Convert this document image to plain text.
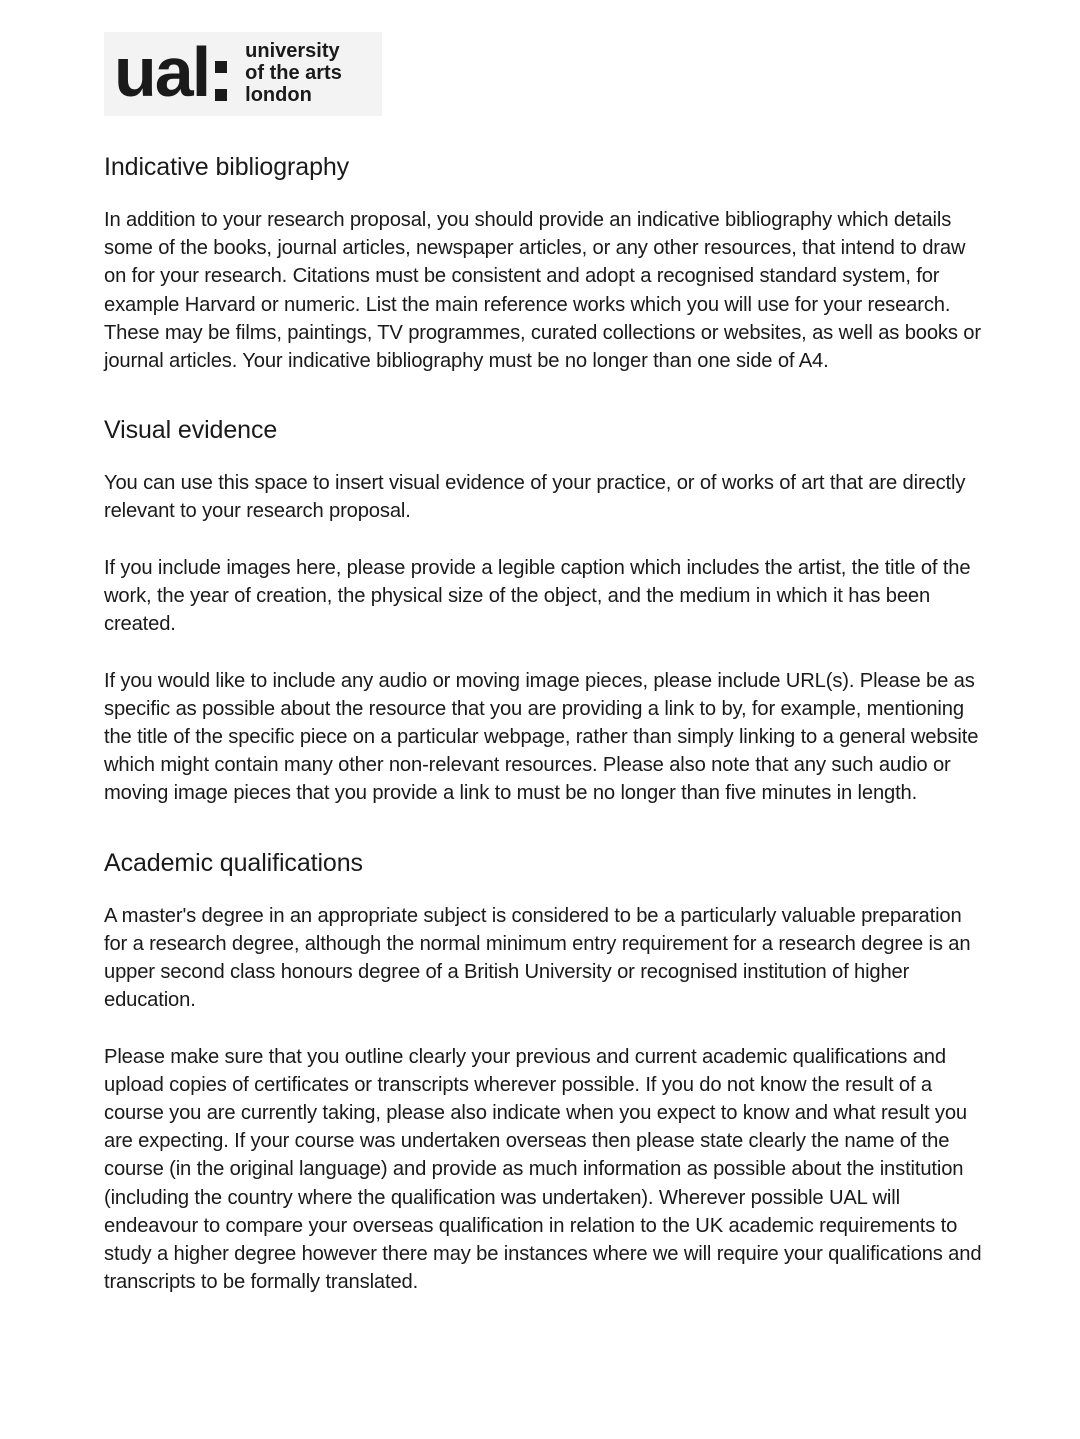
ual university
of the arts
london
Indicative bibliography

In addition to your research proposal, you should provide an indicative bibliography which details some of the books, journal articles, newspaper articles, or any other resources, that intend to draw on for your research. Citations must be consistent and adopt a recognised standard system, for example Harvard or numeric. List the main reference works which you will use for your research. These may be films, paintings, TV programmes, curated collections or websites, as well as books or journal articles. Your indicative bibliography must be no longer than one side of A4.

Visual evidence

You can use this space to insert visual evidence of your practice, or of works of art that are directly relevant to your research proposal.

If you include images here, please provide a legible caption which includes the artist, the title of the work, the year of creation, the physical size of the object, and the medium in which it has been created.

If you would like to include any audio or moving image pieces, please include URL(s). Please be as specific as possible about the resource that you are providing a link to by, for example, mentioning the title of the specific piece on a particular webpage, rather than simply linking to a general website which might contain many other non-relevant resources. Please also note that any such audio or moving image pieces that you provide a link to must be no longer than five minutes in length.

Academic qualifications

A master's degree in an appropriate subject is considered to be a particularly valuable preparation for a research degree, although the normal minimum entry requirement for a research degree is an upper second class honours degree of a British University or recognised institution of higher education.

Please make sure that you outline clearly your previous and current academic qualifications and upload copies of certificates or transcripts wherever possible. If you do not know the result of a course you are currently taking, please also indicate when you expect to know and what result you are expecting. If your course was undertaken overseas then please state clearly the name of the course (in the original language) and provide as much information as possible about the institution (including the country where the qualification was undertaken). Wherever possible UAL will endeavour to compare your overseas qualification in relation to the UK academic requirements to study a higher degree however there may be instances where we will require your qualifications and transcripts to be formally translated.
